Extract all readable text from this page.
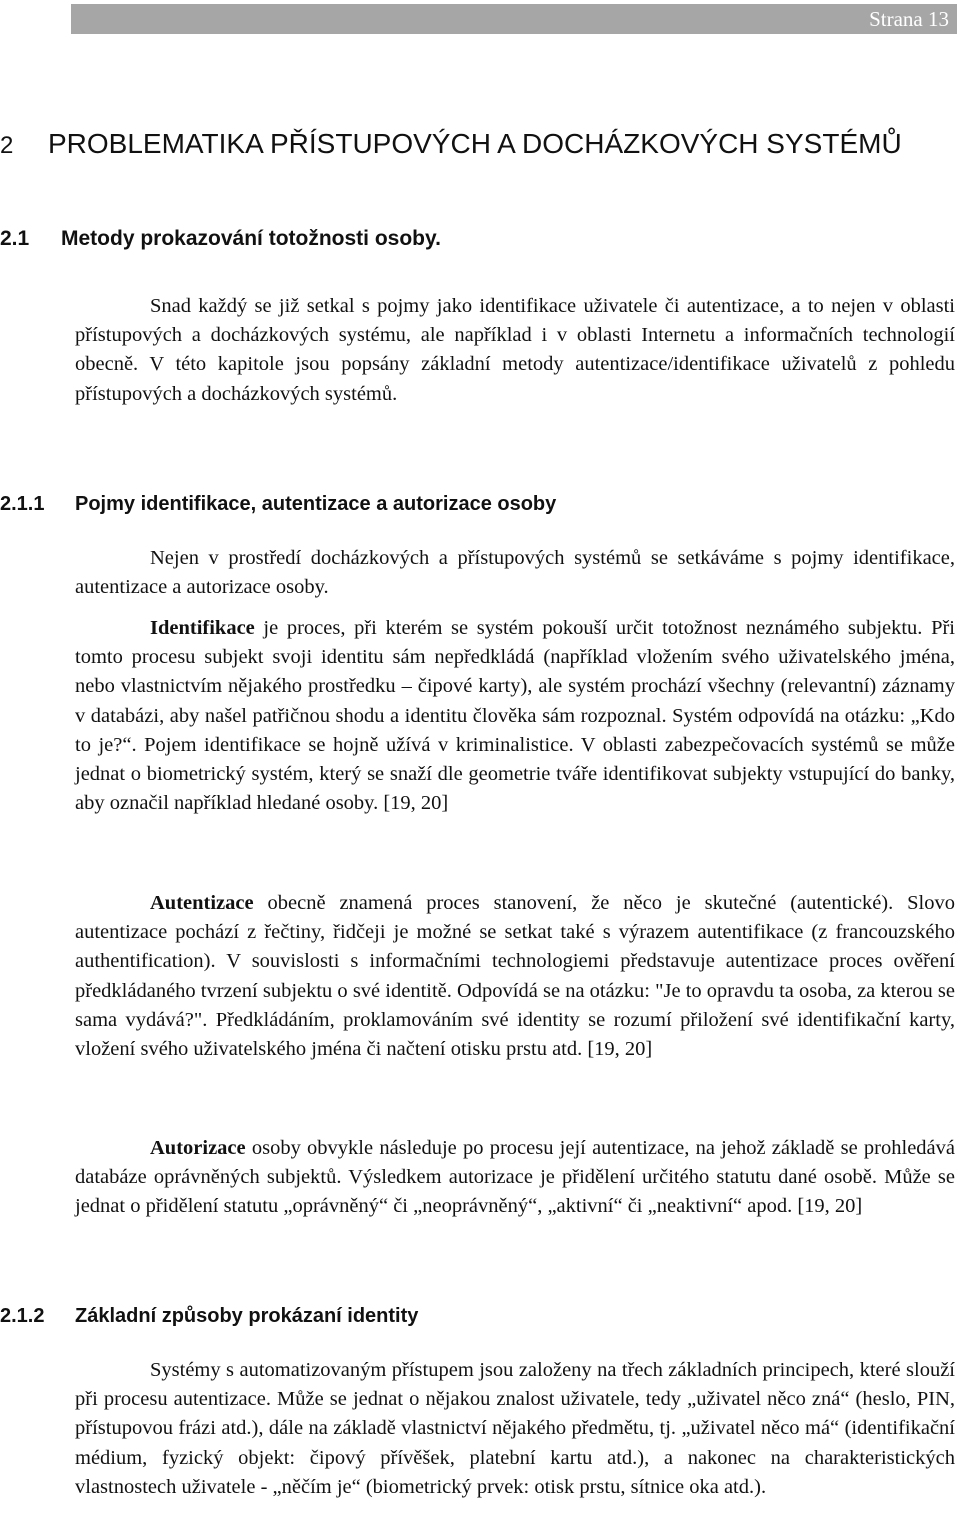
Strana 13
2 PROBLEMATIKA PŘÍSTUPOVÝCH A DOCHÁZKOVÝCH SYSTÉMŮ
2.1 Metody prokazování totožnosti osoby.

Snad každý se již setkal s pojmy jako identifikace uživatele či autentizace, a to nejen v oblasti přístupových a docházkových systému, ale například i v oblasti Internetu a informačních technologií obecně. V této kapitole jsou popsány základní metody autentizace/identifikace uživatelů z pohledu přístupových a docházkových systémů.

2.1.1 Pojmy identifikace, autentizace a autorizace osoby

Nejen v prostředí docházkových a přístupových systémů se setkáváme s pojmy identifikace, autentizace a autorizace osoby.

Identifikace je proces, při kterém se systém pokouší určit totožnost neznámého subjektu. Při tomto procesu subjekt svoji identitu sám nepředkládá (například vložením svého uživatelského jména, nebo vlastnictvím nějakého prostředku – čipové karty), ale systém prochází všechny (relevantní) záznamy v databázi, aby našel patřičnou shodu a identitu člověka sám rozpoznal. Systém odpovídá na otázku: „Kdo to je?“. Pojem identifikace se hojně užívá v kriminalistice. V oblasti zabezpečovacích systémů se může jednat o biometrický systém, který se snaží dle geometrie tváře identifikovat subjekty vstupující do banky, aby označil například hledané osoby. [19, 20]

Autentizace obecně znamená proces stanovení, že něco je skutečné (autentické). Slovo autentizace pochází z řečtiny, řidčeji je možné se setkat také s výrazem autentifikace (z francouzského authentification). V souvislosti s informačními technologiemi představuje autentizace proces ověření předkládaného tvrzení subjektu o své identitě. Odpovídá se na otázku: "Je to opravdu ta osoba, za kterou se sama vydává?". Předkládáním, proklamováním své identity se rozumí přiložení své identifikační karty, vložení svého uživatelského jména či načtení otisku prstu atd. [19, 20]

Autorizace osoby obvykle následuje po procesu její autentizace, na jehož základě se prohledává databáze oprávněných subjektů. Výsledkem autorizace je přidělení určitého statutu dané osobě. Může se jednat o přidělení statutu „oprávněný“ či „neoprávněný“, „aktivní“ či „neaktivní“ apod. [19, 20]

2.1.2 Základní způsoby prokázaní identity

Systémy s automatizovaným přístupem jsou založeny na třech základních principech, které slouží při procesu autentizace. Může se jednat o nějakou znalost uživatele, tedy „uživatel něco zná“ (heslo, PIN, přístupovou frázi atd.), dále na základě vlastnictví nějakého předmětu, tj. „uživatel něco má“ (identifikační médium, fyzický objekt: čipový přívěšek, platební kartu atd.), a nakonec na charakteristických vlastnostech uživatele - „něčím je“ (biometrický prvek: otisk prstu, sítnice oka atd.).
